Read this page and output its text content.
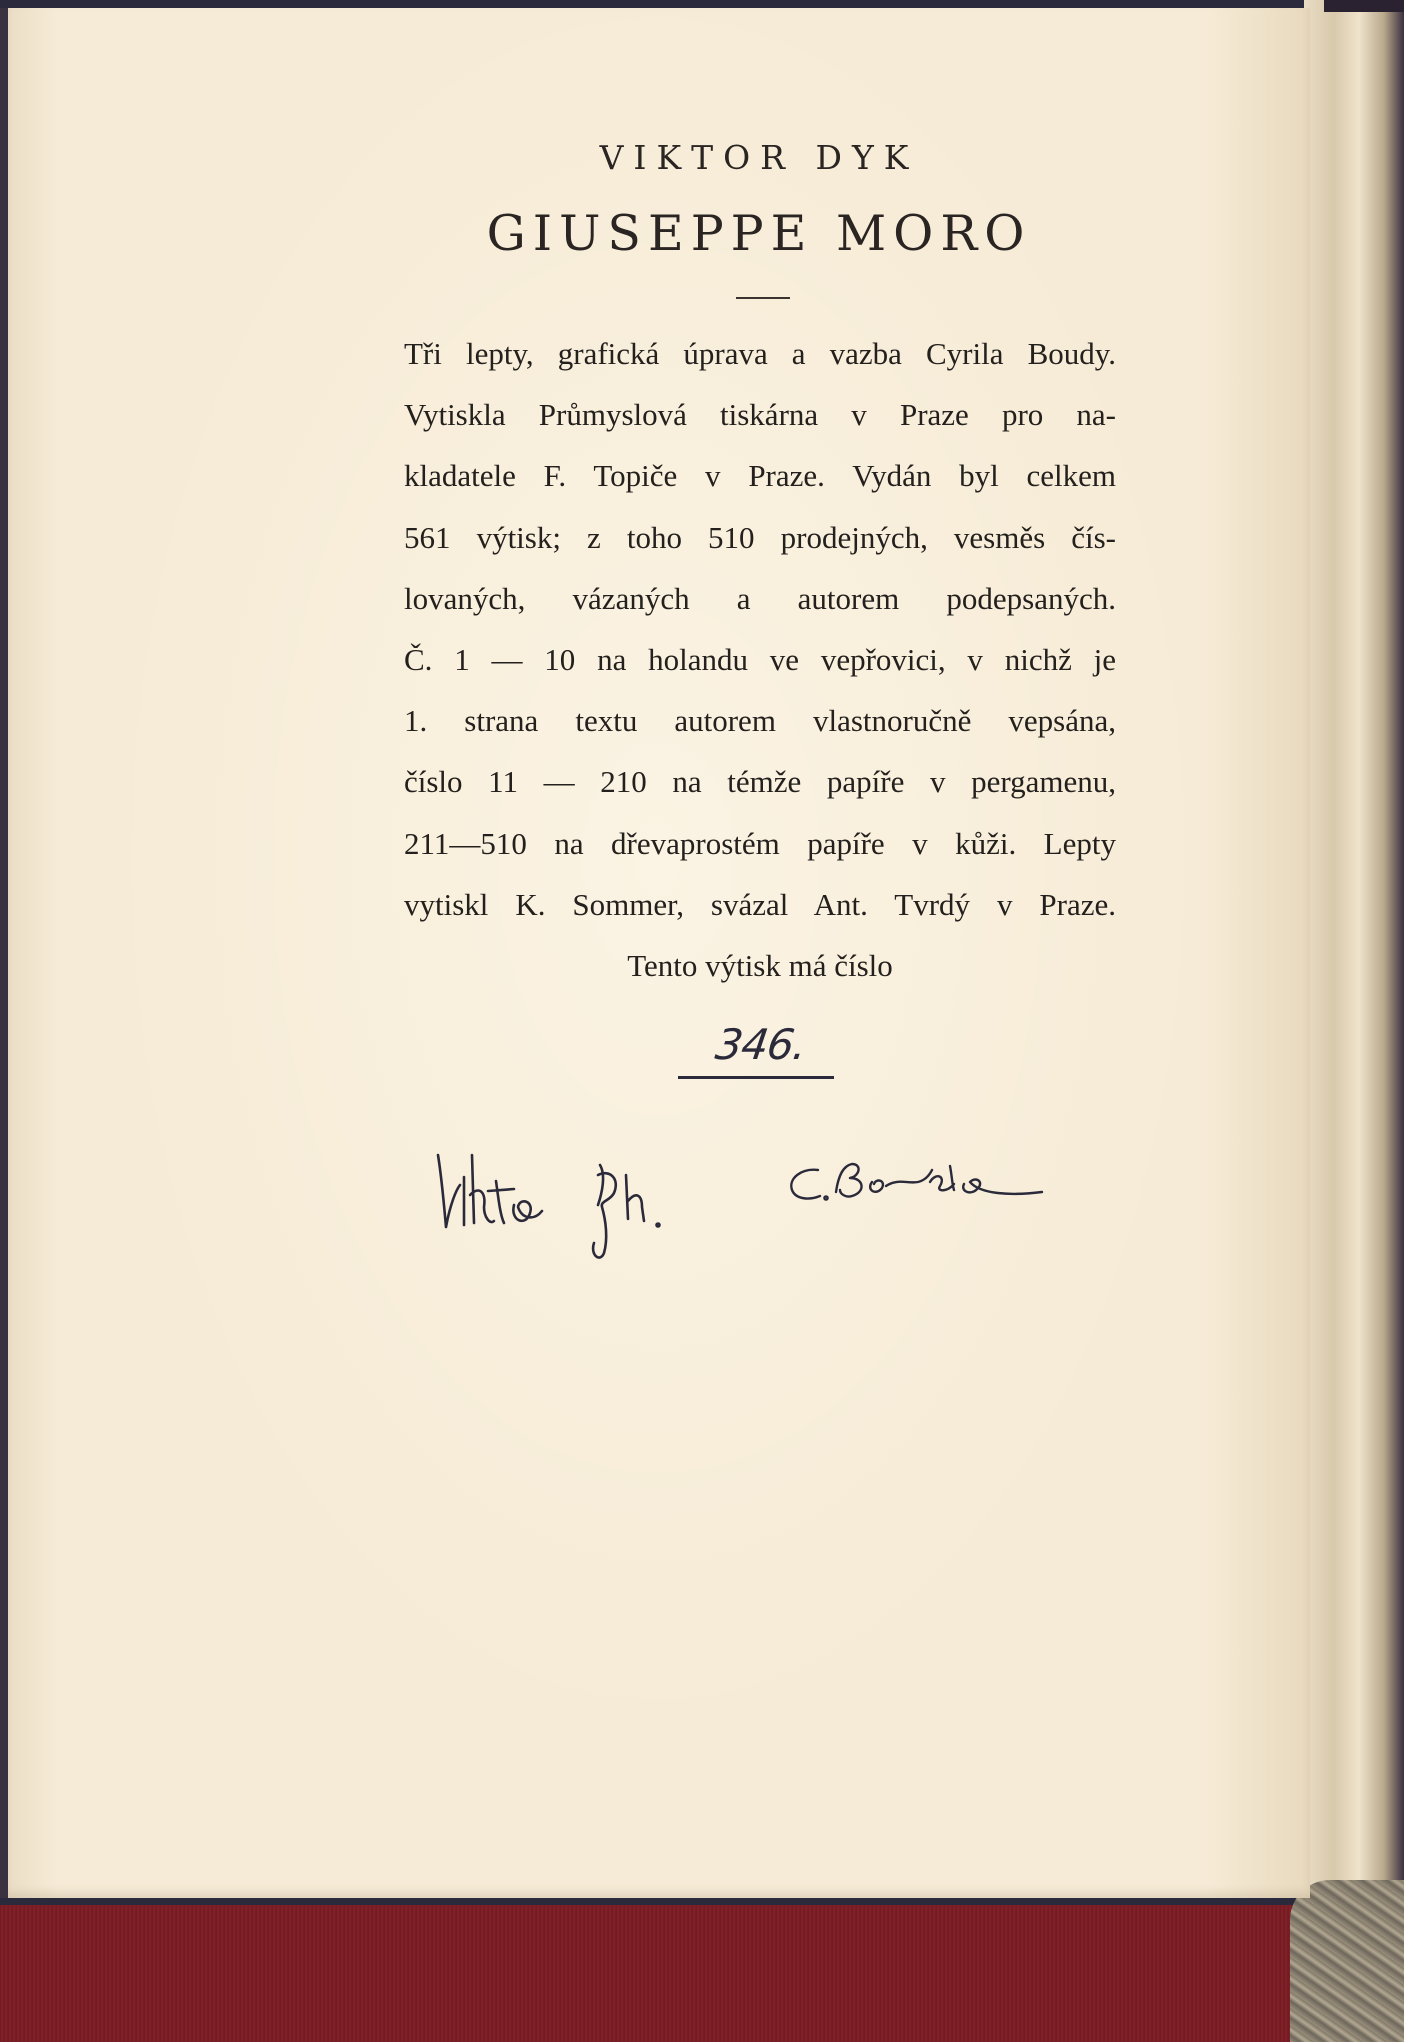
VIKTOR DYK
GIUSEPPE MORO
Tři lepty, grafická úprava a vazba Cyrila Boudy.
Vytiskla Průmyslová tiskárna v Praze pro na-
kladatele F. Topiče v Praze. Vydán byl celkem
561 výtisk; z toho 510 prodejných, vesměs čís-
lovaných, vázaných a autorem podepsaných.
Č. 1 — 10 na holandu ve vepřovici, v nichž je
1. strana textu autorem vlastnoručně vepsána,
číslo 11 — 210 na témže papíře v pergamenu,
211—510 na dřevaprostém papíře v kůži. Lepty
vytiskl K. Sommer, svázal Ant. Tvrdý v Praze.
Tento výtisk má číslo
346.
